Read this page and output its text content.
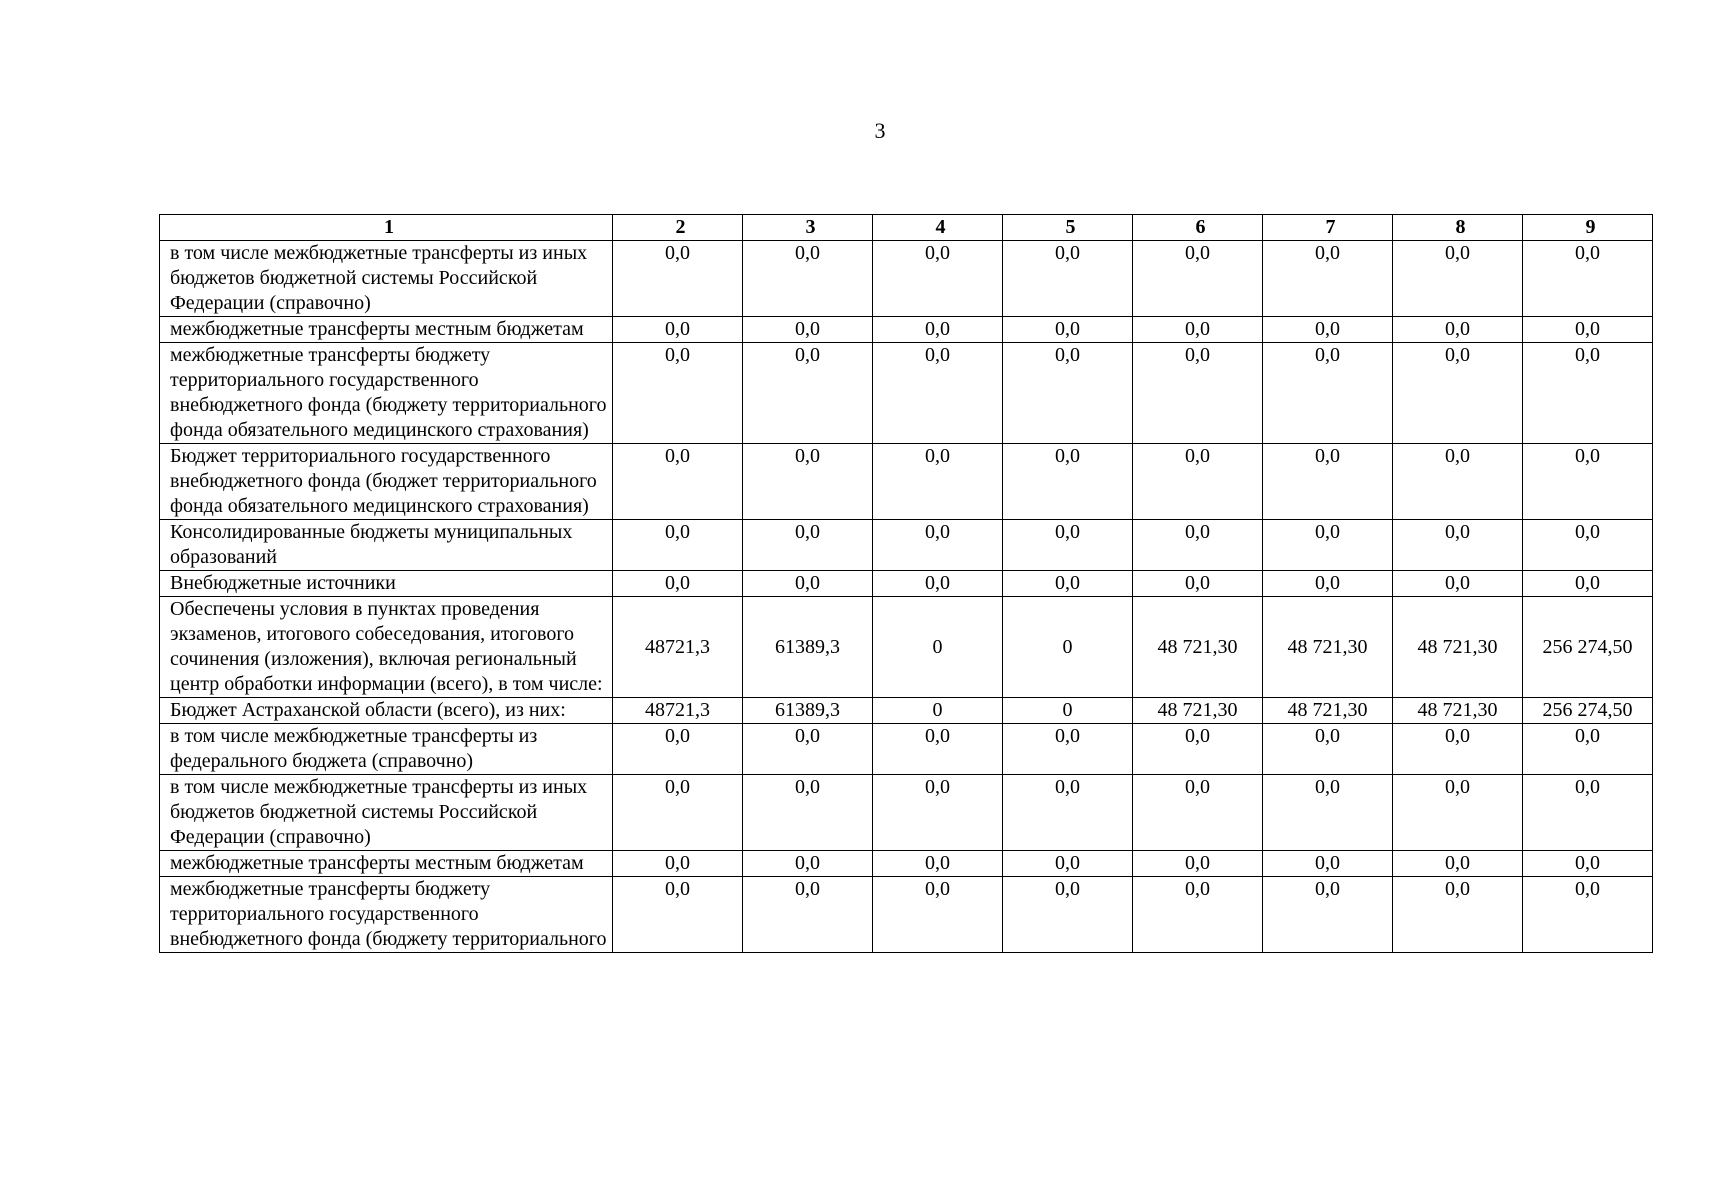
3
1	2	3	4	5	6	7	8	9
в том числе межбюджетные трансферты из иных бюджетов бюджетной системы Российской Федерации (справочно)	0,0	0,0	0,0	0,0	0,0	0,0	0,0	0,0
межбюджетные трансферты местным бюджетам	0,0	0,0	0,0	0,0	0,0	0,0	0,0	0,0
межбюджетные трансферты бюджету территориального государственного внебюджетного фонда (бюджету территориального фонда обязательного медицинского страхования)	0,0	0,0	0,0	0,0	0,0	0,0	0,0	0,0
Бюджет территориального государственного внебюджетного фонда (бюджет территориального фонда обязательного медицинского страхования)	0,0	0,0	0,0	0,0	0,0	0,0	0,0	0,0
Консолидированные бюджеты муниципальных образований	0,0	0,0	0,0	0,0	0,0	0,0	0,0	0,0
Внебюджетные источники	0,0	0,0	0,0	0,0	0,0	0,0	0,0	0,0
Обеспечены условия в пунктах проведения экзаменов, итогового собеседования, итогового сочинения (изложения), включая региональный центр обработки информации (всего), в том числе:	48721,3	61389,3	0	0	48 721,30	48 721,30	48 721,30	256 274,50
Бюджет Астраханской области (всего), из них:	48721,3	61389,3	0	0	48 721,30	48 721,30	48 721,30	256 274,50
в том числе межбюджетные трансферты из федерального бюджета (справочно)	0,0	0,0	0,0	0,0	0,0	0,0	0,0	0,0
в том числе межбюджетные трансферты из иных бюджетов бюджетной системы Российской Федерации (справочно)	0,0	0,0	0,0	0,0	0,0	0,0	0,0	0,0
межбюджетные трансферты местным бюджетам	0,0	0,0	0,0	0,0	0,0	0,0	0,0	0,0
межбюджетные трансферты бюджету территориального государственного внебюджетного фонда (бюджету территориального	0,0	0,0	0,0	0,0	0,0	0,0	0,0	0,0
